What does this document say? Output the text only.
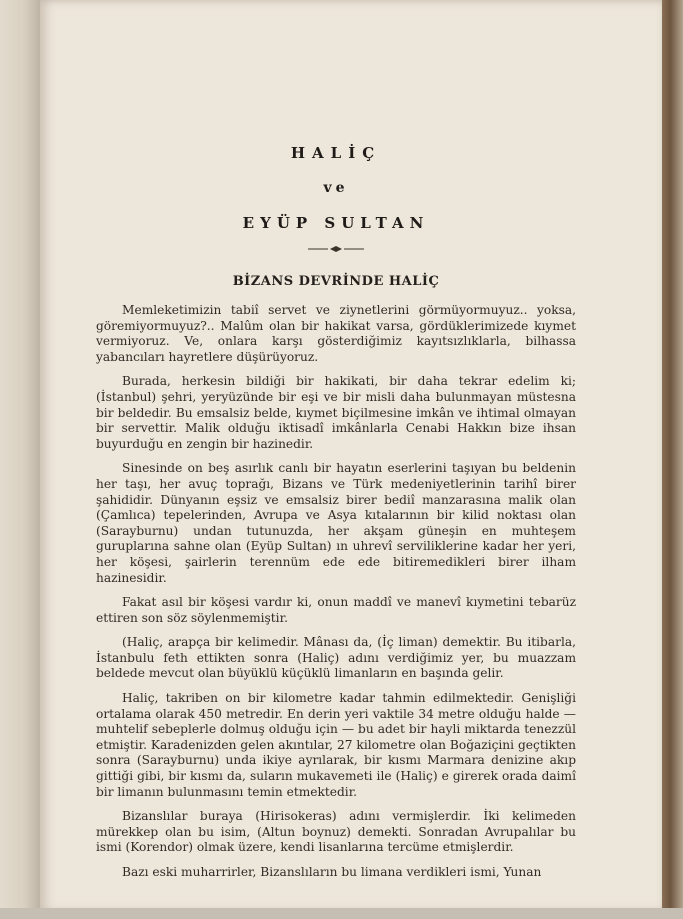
HALİÇ
ve
EYÜP SULTAN
BİZANS DEVRİNDE HALİÇ

Memleketimizin tabiî servet ve ziynetlerini görmüyormuyuz.. yoksa, göremiyormuyuz?.. Malûm olan bir hakikat varsa, gördüklerimizede kıymet vermiyoruz. Ve, onlara karşı gösterdiğimiz kayıtsızlıklarla, bilhassa yabancıları hayretlere düşürüyoruz.

Burada, herkesin bildiği bir hakikati, bir daha tekrar edelim ki; (İstanbul) şehri, yeryüzünde bir eşi ve bir misli daha bulunmayan müstesna bir beldedir. Bu emsalsiz belde, kıymet biçilmesine imkân ve ihtimal olmayan bir servettir. Malik olduğu iktisadî imkânlarla Cenabi Hakkın bize ihsan buyurduğu en zengin bir hazinedir.

Sinesinde on beş asırlık canlı bir hayatın eserlerini taşıyan bu beldenin her taşı, her avuç toprağı, Bizans ve Türk medeniyetlerinin tarihî birer şahididir. Dünyanın eşsiz ve emsalsiz birer bediî manzarasına malik olan (Çamlıca) tepelerinden, Avrupa ve Asya kıtalarının bir kilid noktası olan (Sarayburnu) undan tutunuzda, her akşam güneşin en muhteşem guruplarına sahne olan (Eyüp Sultan) ın uhrevî serviliklerine kadar her yeri, her köşesi, şairlerin terennüm ede ede bitiremedikleri birer ilham hazinesidir.

Fakat asıl bir köşesi vardır ki, onun maddî ve manevî kıymetini tebarüz ettiren son söz söylenmemiştir.

(Haliç, arapça bir kelimedir. Mânası da, (İç liman) demektir. Bu itibarla, İstanbulu feth ettikten sonra (Haliç) adını verdiğimiz yer, bu muazzam beldede mevcut olan büyüklü küçüklü limanların en başında gelir.

Haliç, takriben on bir kilometre kadar tahmin edilmektedir. Genişliği ortalama olarak 450 metredir. En derin yeri vaktile 34 metre olduğu halde — muhtelif sebeplerle dolmuş olduğu için — bu adet bir hayli miktarda tenezzül etmiştir. Karadenizden gelen akıntılar, 27 kilometre olan Boğaziçini geçtikten sonra (Sarayburnu) unda ikiye ayrılarak, bir kısmı Marmara denizine akıp gittiği gibi, bir kısmı da, suların mukavemeti ile (Haliç) e girerek orada daimî bir limanın bulunmasını temin etmektedir.

Bizanslılar buraya (Hirisokeras) adını vermişlerdir. İki kelimeden mürekkep olan bu isim, (Altun boynuz) demekti. Sonradan Avrupalılar bu ismi (Korendor) olmak üzere, kendi lisanlarına tercüme etmişlerdir.

Bazı eski muharrirler, Bizanslıların bu limana verdikleri ismi, Yunan
